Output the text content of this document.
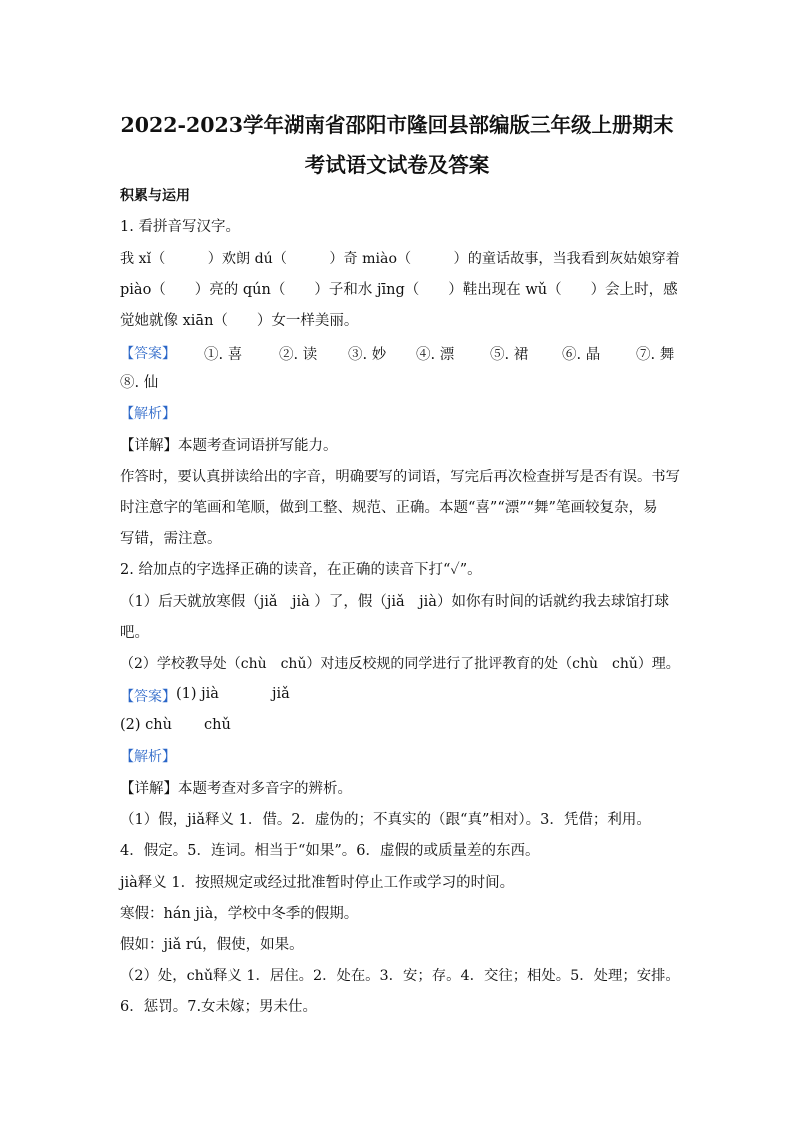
2022-2023学年湖南省邵阳市隆回县部编版三年级上册期末
考试语文试卷及答案
积累与运用
1. 看拼音写汉字。
我 xǐ（　　　）欢朗 dú（　　　）奇 miào（　　　）的童话故事，当我看到灰姑娘穿着
piào（　　）亮的 qún（　　）子和水 jīng（　　）鞋出现在 wǔ（　　）会上时，感
觉她就像 xiān（　　）女一样美丽。
【答案】 ①. 喜	②. 读 ③. 妙 ④. 漂 ⑤. 裙 ⑥. 晶 ⑦. 舞
⑧. 仙
【解析】
【详解】本题考查词语拼写能力。
作答时，要认真拼读给出的字音，明确要写的词语，写完后再次检查拼写是否有误。书写
时注意字的笔画和笔顺，做到工整、规范、正确。本题“喜”“漂”“舞”笔画较复杂，易
写错，需注意。
2. 给加点的字选择正确的读音，在正确的读音下打“✓”。
（1）后天就放寒假（jiǎ　jià ）了，假（jiǎ　jià）如你有时间的话就约我去球馆打球
吧。
（2）学校教导处（chù　chǔ）对违反校规的同学进行了批评教育的处（chù　chǔ）理。
【答案】 (1) jià	jiǎ
(2) chù chǔ
【解析】
【详解】本题考查对多音字的辨析。
（1）假，jiǎ释义 1．借。2．虚伪的；不真实的（跟“真”相对）。3．凭借；利用。
4．假定。5．连词。相当于“如果”。6．虚假的或质量差的东西。
jià释义 1．按照规定或经过批准暂时停止工作或学习的时间。
寒假：hán jià，学校中冬季的假期。
假如：jiǎ rú，假使，如果。
（2）处，chǔ释义 1．居住。2．处在。3．安；存。4．交往；相处。5．处理；安排。
6．惩罚。7.女未嫁；男未仕。
